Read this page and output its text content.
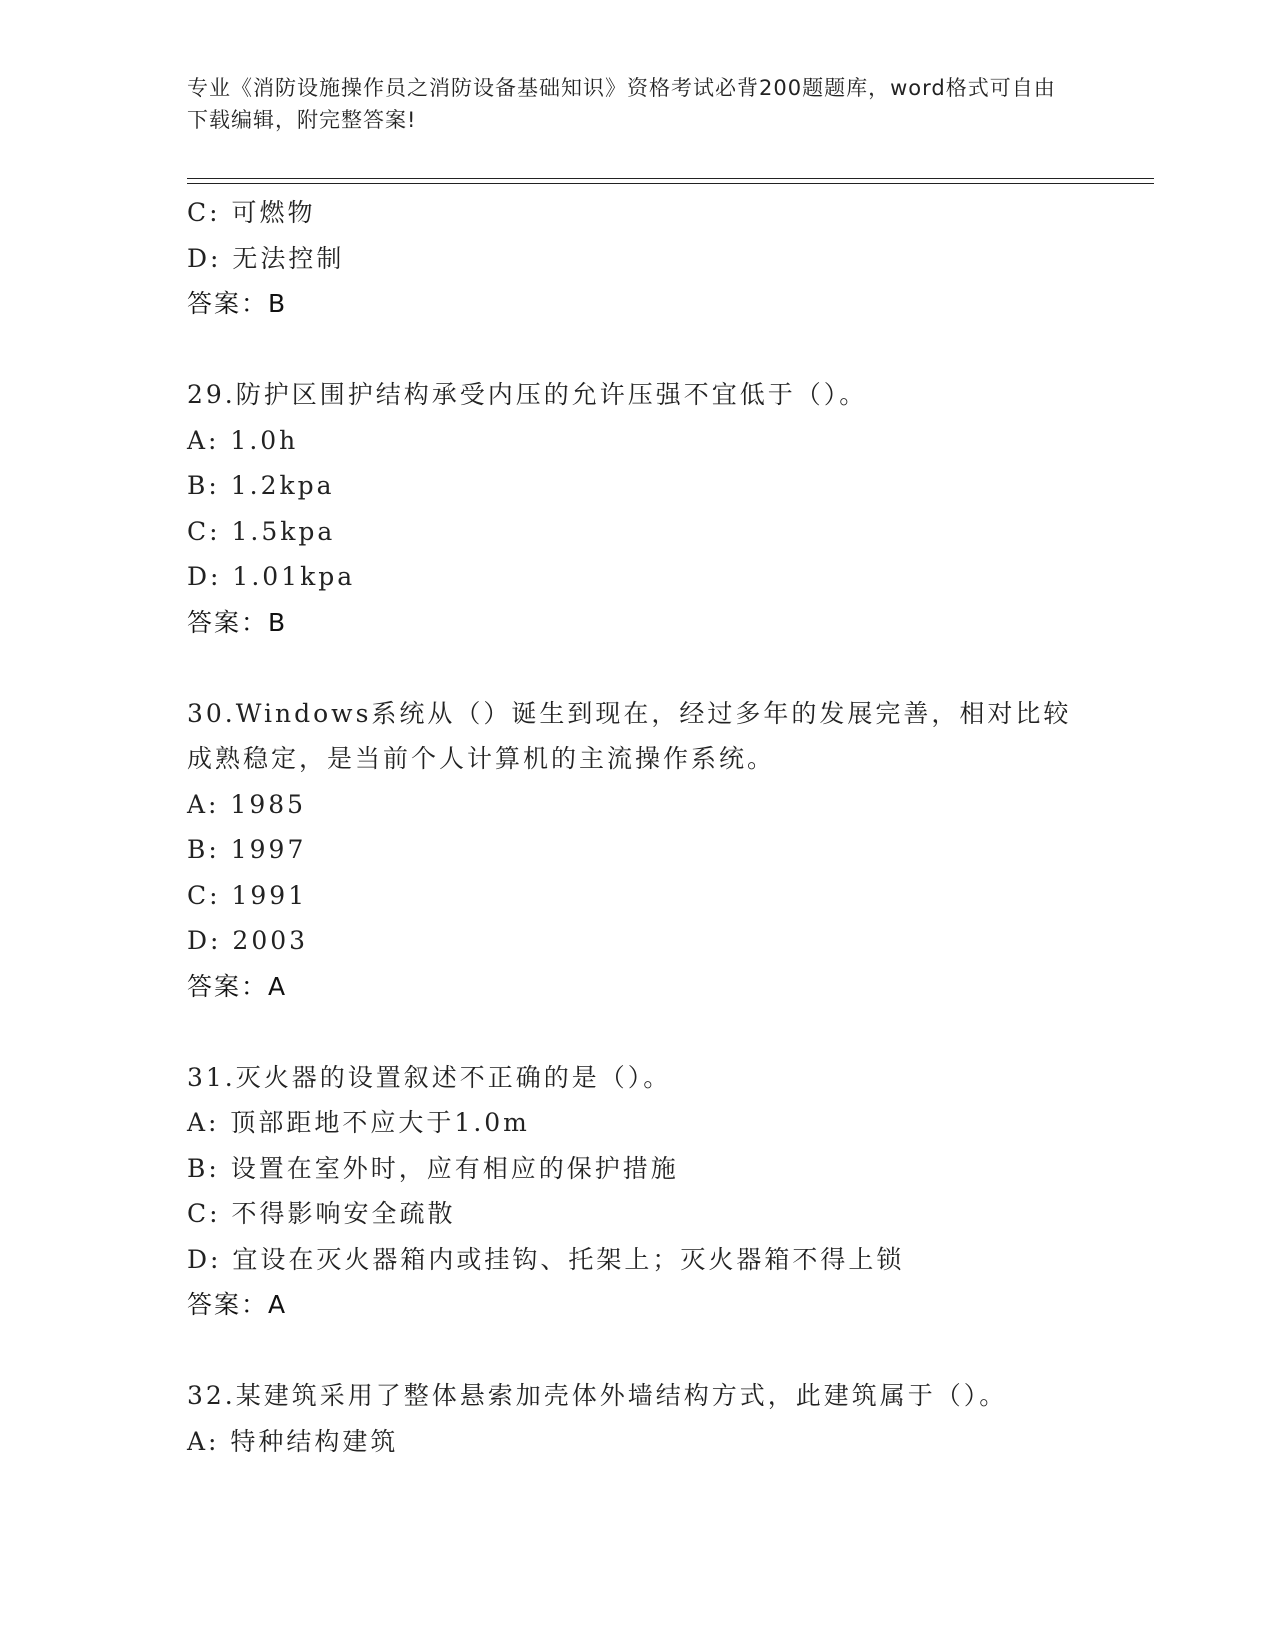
专业《消防设施操作员之消防设备基础知识》资格考试必背200题题库，word格式可自由下载编辑，附完整答案!
C: 可燃物
D: 无法控制
答案：B
29.防护区围护结构承受内压的允许压强不宜低于（）。
A: 1.0h
B: 1.2kpa
C: 1.5kpa
D: 1.01kpa
答案：B
30.Windows系统从（）诞生到现在，经过多年的发展完善，相对比较成熟稳定，是当前个人计算机的主流操作系统。
A: 1985
B: 1997
C: 1991
D: 2003
答案：A
31.灭火器的设置叙述不正确的是（）。
A: 顶部距地不应大于1.0m
B: 设置在室外时，应有相应的保护措施
C: 不得影响安全疏散
D: 宜设在灭火器箱内或挂钩、托架上；灭火器箱不得上锁
答案：A
32.某建筑采用了整体悬索加壳体外墙结构方式，此建筑属于（）。
A: 特种结构建筑
